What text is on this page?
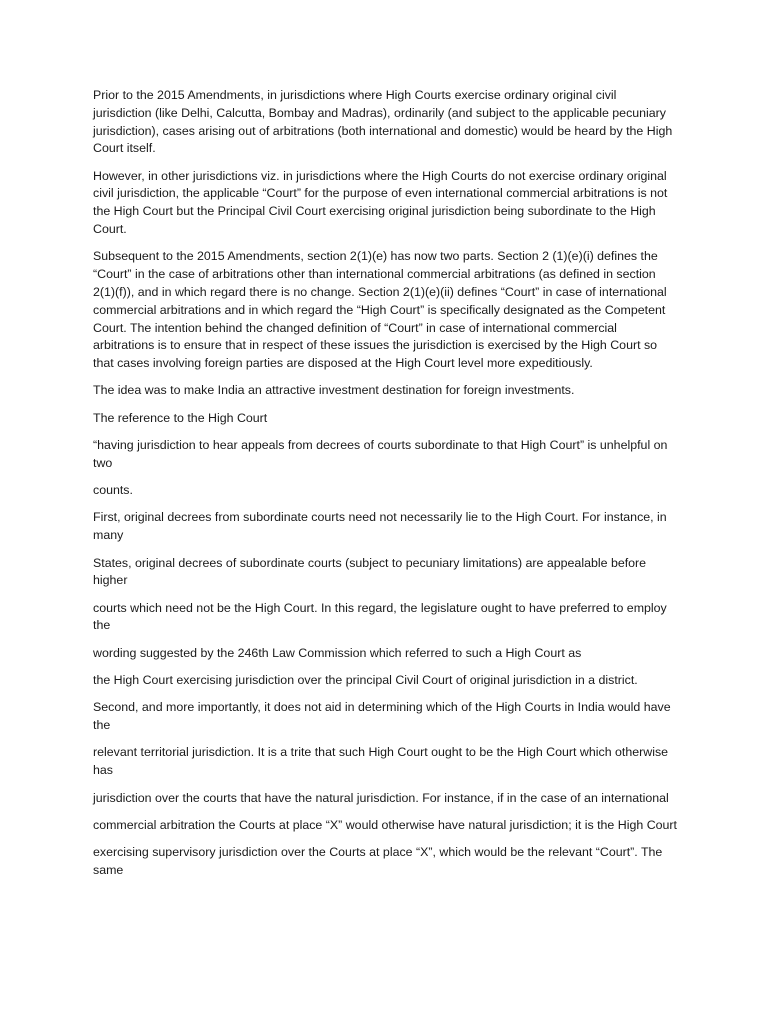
Prior to the 2015 Amendments, in jurisdictions where High Courts exercise ordinary original civil jurisdiction (like Delhi, Calcutta, Bombay and Madras), ordinarily (and subject to the applicable pecuniary jurisdiction), cases arising out of arbitrations (both international and domestic) would be heard by the High Court itself.

However, in other jurisdictions viz. in jurisdictions where the High Courts do not exercise ordinary original civil jurisdiction, the applicable “Court” for the purpose of even international commercial arbitrations is not the High Court but the Principal Civil Court exercising original jurisdiction being subordinate to the High Court.

Subsequent to the 2015 Amendments, section 2(1)(e) has now two parts. Section 2 (1)(e)(i) defines the “Court” in the case of arbitrations other than international commercial arbitrations (as defined in section 2(1)(f)), and in which regard there is no change. Section 2(1)(e)(ii) defines “Court” in case of international commercial arbitrations and in which regard the “High Court” is specifically designated as the Competent Court. The intention behind the changed definition of “Court” in case of international commercial arbitrations is to ensure that in respect of these issues the jurisdiction is exercised by the High Court so that cases involving foreign parties are disposed at the High Court level more expeditiously.

The idea was to make India an attractive investment destination for foreign investments.

The reference to the High Court

“having jurisdiction to hear appeals from decrees of courts subordinate to that High Court” is unhelpful on two

counts.

First, original decrees from subordinate courts need not necessarily lie to the High Court. For instance, in many

States, original decrees of subordinate courts (subject to pecuniary limitations) are appealable before higher

courts which need not be the High Court. In this regard, the legislature ought to have preferred to employ the

wording suggested by the 246th Law Commission which referred to such a High Court as

the High Court exercising jurisdiction over the principal Civil Court of original jurisdiction in a district.

Second, and more importantly, it does not aid in determining which of the High Courts in India would have the

relevant territorial jurisdiction. It is a trite that such High Court ought to be the High Court which otherwise has

jurisdiction over the courts that have the natural jurisdiction. For instance, if in the case of an international

commercial arbitration the Courts at place “X” would otherwise have natural jurisdiction; it is the High Court

exercising supervisory jurisdiction over the Courts at place “X”, which would be the relevant “Court”. The same
